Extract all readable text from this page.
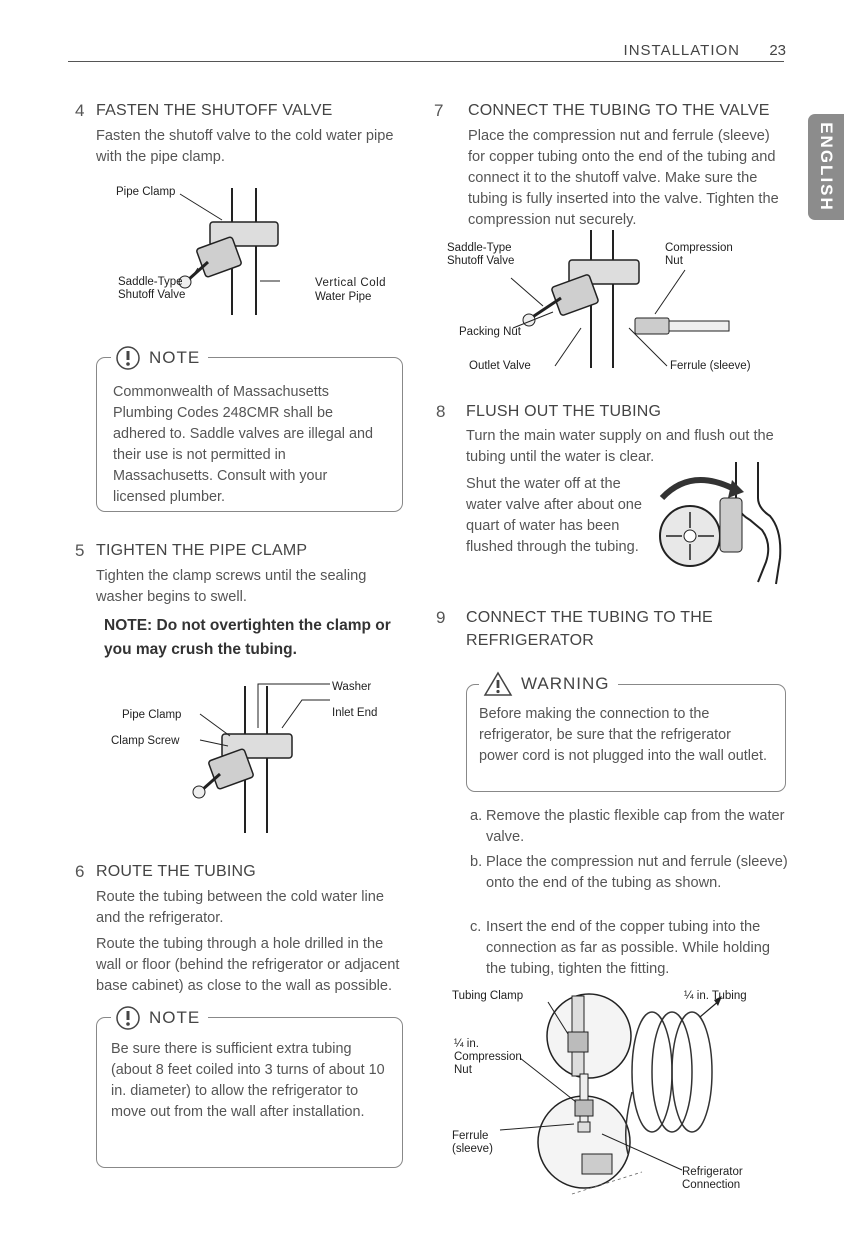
INSTALLATION 23
ENGLISH
4 FASTEN THE SHUTOFF VALVE
Fasten the shutoff valve to the cold water pipe with the pipe clamp.
Pipe Clamp
Saddle-Type
Shutoff Valve
Vertical Cold
Water Pipe
NOTE
Commonwealth of Massachusetts Plumbing Codes 248CMR shall be adhered to. Saddle valves are illegal and their use is not permitted in Massachusetts. Consult with your licensed plumber.
5 TIGHTEN THE PIPE CLAMP
Tighten the clamp screws until the sealing washer begins to swell.
NOTE: Do not overtighten the clamp or you may crush the tubing.
Washer
Inlet End
Pipe Clamp
Clamp Screw
6 ROUTE THE TUBING
Route the tubing between the cold water line and the refrigerator.
Route the tubing through a hole drilled in the wall or floor (behind the refrigerator or adjacent base cabinet) as close to the wall as possible.
NOTE
Be sure there is sufficient extra tubing (about 8 feet coiled into 3 turns of about 10 in. diameter) to allow the refrigerator to move out from the wall after installation.
7 CONNECT THE TUBING TO THE VALVE
Place the compression nut and ferrule (sleeve) for copper tubing onto the end of the tubing and connect it to the shutoff valve. Make sure the tubing is fully inserted into the valve. Tighten the compression nut securely.
Saddle-Type
Shutoff Valve
Compression
Nut
Packing Nut
Outlet Valve	Ferrule (sleeve)
8 FLUSH OUT THE TUBING
Turn the main water supply on and flush out the tubing until the water is clear.
Shut the water off at the water valve after about one quart of water has been flushed through the tubing.
9 CONNECT THE TUBING TO THE
REFRIGERATOR
WARNING
Before making the connection to the refrigerator, be sure that the refrigerator power cord is not plugged into the wall outlet.
a. Remove the plastic flexible cap from the water valve.
b. Place the compression nut and ferrule (sleeve) onto the end of the tubing as shown.
c. Insert the end of the copper tubing into the connection as far as possible. While holding the tubing, tighten the fitting.
Tubing Clamp	¼ in. Tubing
¼ in.
Compression
Nut
Ferrule
(sleeve)
Refrigerator
Connection
